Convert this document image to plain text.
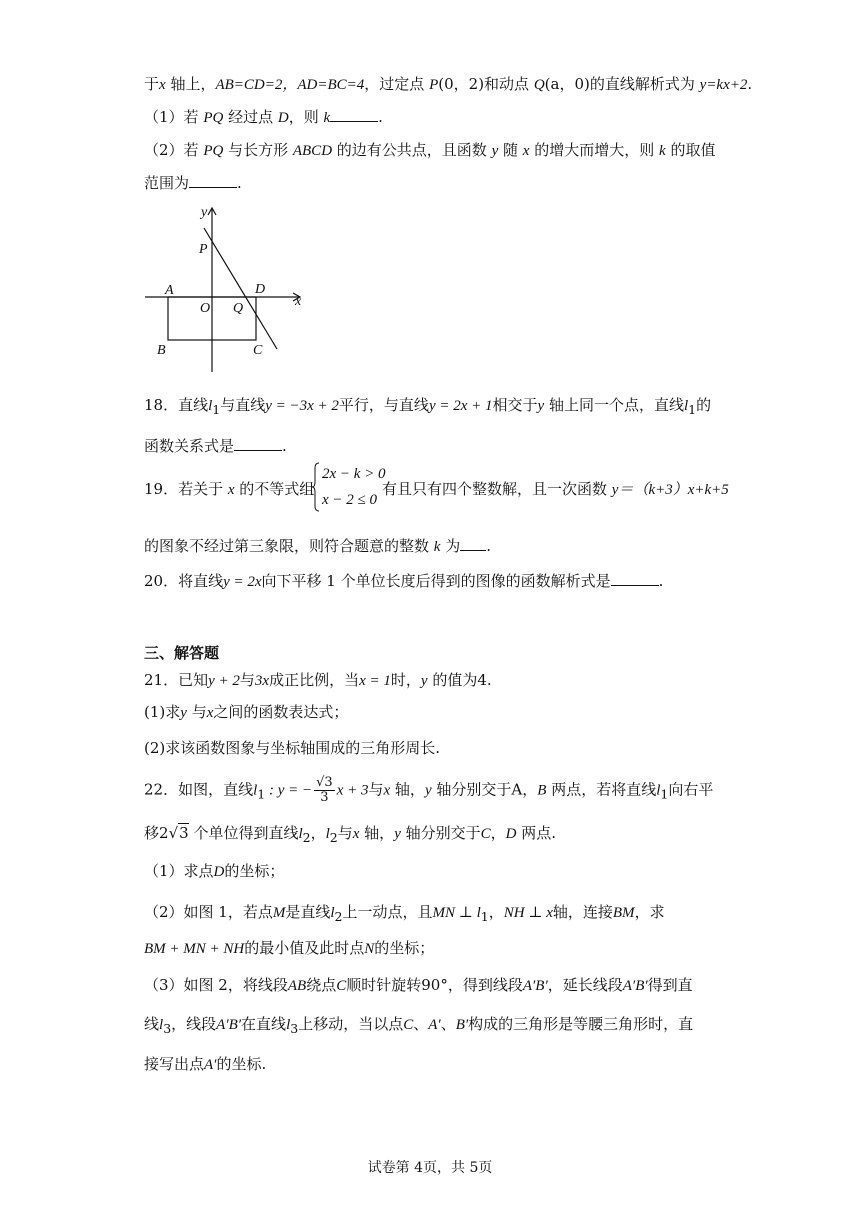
于x 轴上，AB=CD=2，AD=BC=4，过定点 P(0，2)和动点 Q(a，0)的直线解析式为 y=kx+2.
（1）若 PQ 经过点 D，则 k	.
（2）若 PQ 与长方形 ABCD 的边有公共点，且函数 y 随 x 的增大而增大，则 k 的取值
范围为	.
y
x
P
A
O Q
D
B	C
18．直线$l_1$与直线y = −3x + 2平行，与直线y = 2x + 1相交于y 轴上同一个点，直线$l_1$的
函数关系式是	.
19．若关于 x 的不等式组
2x − k > 0
x − 2 ≤ 0
有且只有四个整数解，且一次函数 y＝（k+3）x+k+5
的图象不经过第三象限，则符合题意的整数 k 为 .
20．将直线y = 2x向下平移 1 个单位长度后得到的图像的函数解析式是	.
三、解答题
21．已知y + 2与3x成正比例，当x = 1时，y 的值为4.
(1)求y 与x之间的函数表达式；
(2)求该函数图象与坐标轴围成的三角形周长.
22．如图，直线$l_1$ : y = − $\frac{√3}{3}$ x + 3与x 轴，y 轴分别交于A，B 两点，若将直线$l_1$向右平
移2√3 个单位得到直线$l_2$，$l_2$与x 轴，y 轴分别交于C，D 两点.
（1）求点D的坐标；
（2）如图 1，若点M是直线$l_2$上一动点，且MN ⊥ $l_1$，NH ⊥ x轴，连接BM，求
BM + MN + NH的最小值及此时点N的坐标；
（3）如图 2，将线段AB绕点C顺时针旋转90°，得到线段A′B′，延长线段A′B′得到直
线$l_3$，线段A′B′在直线$l_3$上移动，当以点C、A′、B′构成的三角形是等腰三角形时，直
接写出点A′的坐标.
试卷第 4页，共 5页
